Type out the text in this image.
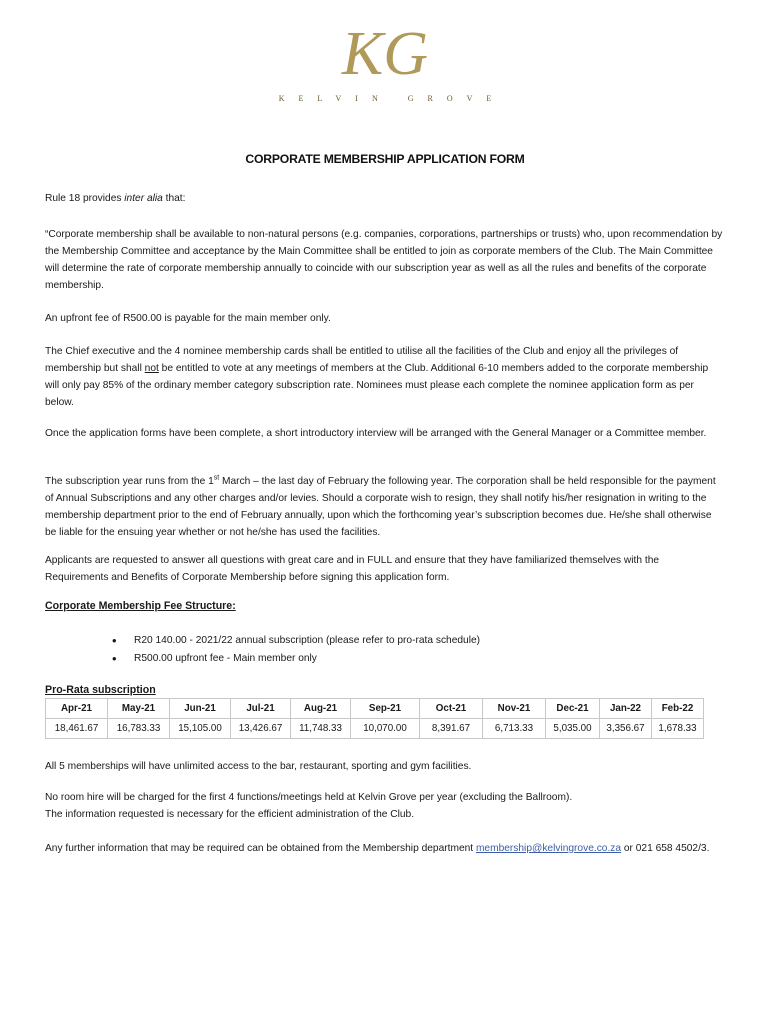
KG
KELVIN GROVE
CORPORATE MEMBERSHIP APPLICATION FORM

Rule 18 provides inter alia that:

“Corporate membership shall be available to non-natural persons (e.g. companies, corporations, partnerships or trusts) who, upon recommendation by the Membership Committee and acceptance by the Main Committee shall be entitled to join as corporate members of the Club. The Main Committee will determine the rate of corporate membership annually to coincide with our subscription year as well as all the rules and benefits of the corporate membership.

An upfront fee of R500.00 is payable for the main member only.

The Chief executive and the 4 nominee membership cards shall be entitled to utilise all the facilities of the Club and enjoy all the privileges of membership but shall not be entitled to vote at any meetings of members at the Club. Additional 6-10 members added to the corporate membership will only pay 85% of the ordinary member category subscription rate. Nominees must please each complete the nominee application form as per below.

Once the application forms have been complete, a short introductory interview will be arranged with the General Manager or a Committee member.

The subscription year runs from the 1st March – the last day of February the following year. The corporation shall be held responsible for the payment of Annual Subscriptions and any other charges and/or levies. Should a corporate wish to resign, they shall notify his/her resignation in writing to the membership department prior to the end of February annually, upon which the forthcoming year’s subscription becomes due. He/she shall otherwise be liable for the ensuing year whether or not he/she has used the facilities.

Applicants are requested to answer all questions with great care and in FULL and ensure that they have familiarized themselves with the Requirements and Benefits of Corporate Membership before signing this application form.

Corporate Membership Fee Structure:

• R20 140.00 - 2021/22 annual subscription (please refer to pro-rata schedule)
• R500.00 upfront fee - Main member only

Pro-Rata subscription

Apr-21	May-21	Jun-21	Jul-21	Aug-21	Sep-21	Oct-21	Nov-21	Dec-21	Jan-22	Feb-22
18,461.67	16,783.33	15,105.00	13,426.67	11,748.33	10,070.00	8,391.67	6,713.33	5,035.00	3,356.67	1,678.33

All 5 memberships will have unlimited access to the bar, restaurant, sporting and gym facilities.

No room hire will be charged for the first 4 functions/meetings held at Kelvin Grove per year (excluding the Ballroom).

The information requested is necessary for the efficient administration of the Club.

Any further information that may be required can be obtained from the Membership department membership@kelvingrove.co.za or 021 658 4502/3.
